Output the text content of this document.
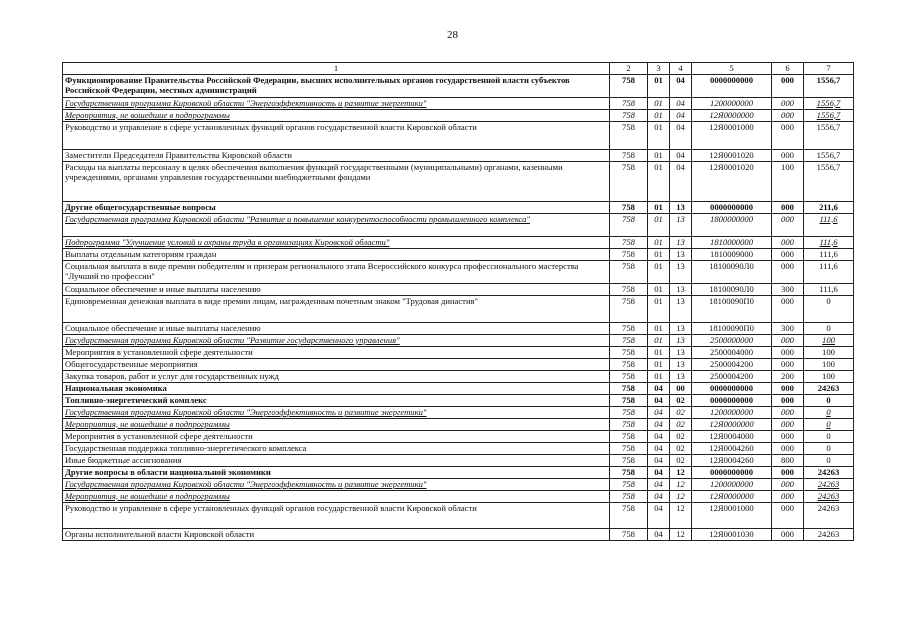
28
1	2	3	4	5	6	7
Функционирование Правительства Российской Федерации, высших исполнительных органов государственной власти субъектов Российской Федерации, местных администраций	758	01	04	0000000000	000	1556,7
Государственная программа Кировской области "Энергоэффективность и развитие энергетики"	758	01	04	1200000000	000	1556,7
Мероприятия, не вошедшие в подпрограммы	758	01	04	12Я0000000	000	1556,7
Руководство и управление в сфере установленных функций органов государственной власти Кировской области	758	01	04	12Я0001000	000	1556,7
Заместители Председателя Правительства Кировской области	758	01	04	12Я0001020	000	1556,7
Расходы на выплаты персоналу в целях обеспечения выполнения функций государственными (муниципальными) органами, казенными учреждениями, органами управления государственными внебюджетными фондами	758	01	04	12Я0001020	100	1556,7
Другие общегосударственные вопросы	758	01	13	0000000000	000	211,6
Государственная программа Кировской области "Развитие и повышение конкурентоспособности промышленного комплекса"	758	01	13	1800000000	000	111,6
Подпрограмма "Улучшение условий и охраны труда в организациях Кировской области"	758	01	13	1810000000	000	111,6
Выплаты отдельным категориям граждан	758	01	13	1810009000	000	111,6
Социальная выплата в виде премии победителям и призерам регионального этапа Всероссийского конкурса профессионального мастерства "Лучший по профессии"	758	01	13	18100090Л0	000	111,6
Социальное обеспечение и иные выплаты населению	758	01	13	18100090Л0	300	111,6
Единовременная денежная выплата в виде премии лицам, награжденным почетным знаком "Трудовая династия"	758	01	13	18100090П0	000	0
Социальное обеспечение и иные выплаты населению	758	01	13	18100090П0	300	0
Государственная программа Кировской области "Развитие государственного управления"	758	01	13	2500000000	000	100
Мероприятия в установленной сфере деятельности	758	01	13	2500004000	000	100
Общегосударственные мероприятия	758	01	13	2500004200	000	100
Закупка товаров, работ и услуг для государственных нужд	758	01	13	2500004200	200	100
Национальная экономика	758	04	00	0000000000	000	24263
Топливно-энергетический комплекс	758	04	02	0000000000	000	0
Государственная программа Кировской области "Энергоэффективность и развитие энергетики"	758	04	02	1200000000	000	0
Мероприятия, не вошедшие в подпрограммы	758	04	02	12Я0000000	000	0
Мероприятия в установленной сфере деятельности	758	04	02	12Я0004000	000	0
Государственная поддержка топливно-энергетического комплекса	758	04	02	12Я0004260	000	0
Иные бюджетные ассигнования	758	04	02	12Я0004260	800	0
Другие вопросы в области национальной экономики	758	04	12	0000000000	000	24263
Государственная программа Кировской области "Энергоэффективность и развитие энергетики"	758	04	12	1200000000	000	24263
Мероприятия, не вошедшие в подпрограммы	758	04	12	12Я0000000	000	24263
Руководство и управление в сфере установленных функций органов государственной власти Кировской области	758	04	12	12Я0001000	000	24263
Органы исполнительной власти Кировской области	758	04	12	12Я0001030	000	24263
